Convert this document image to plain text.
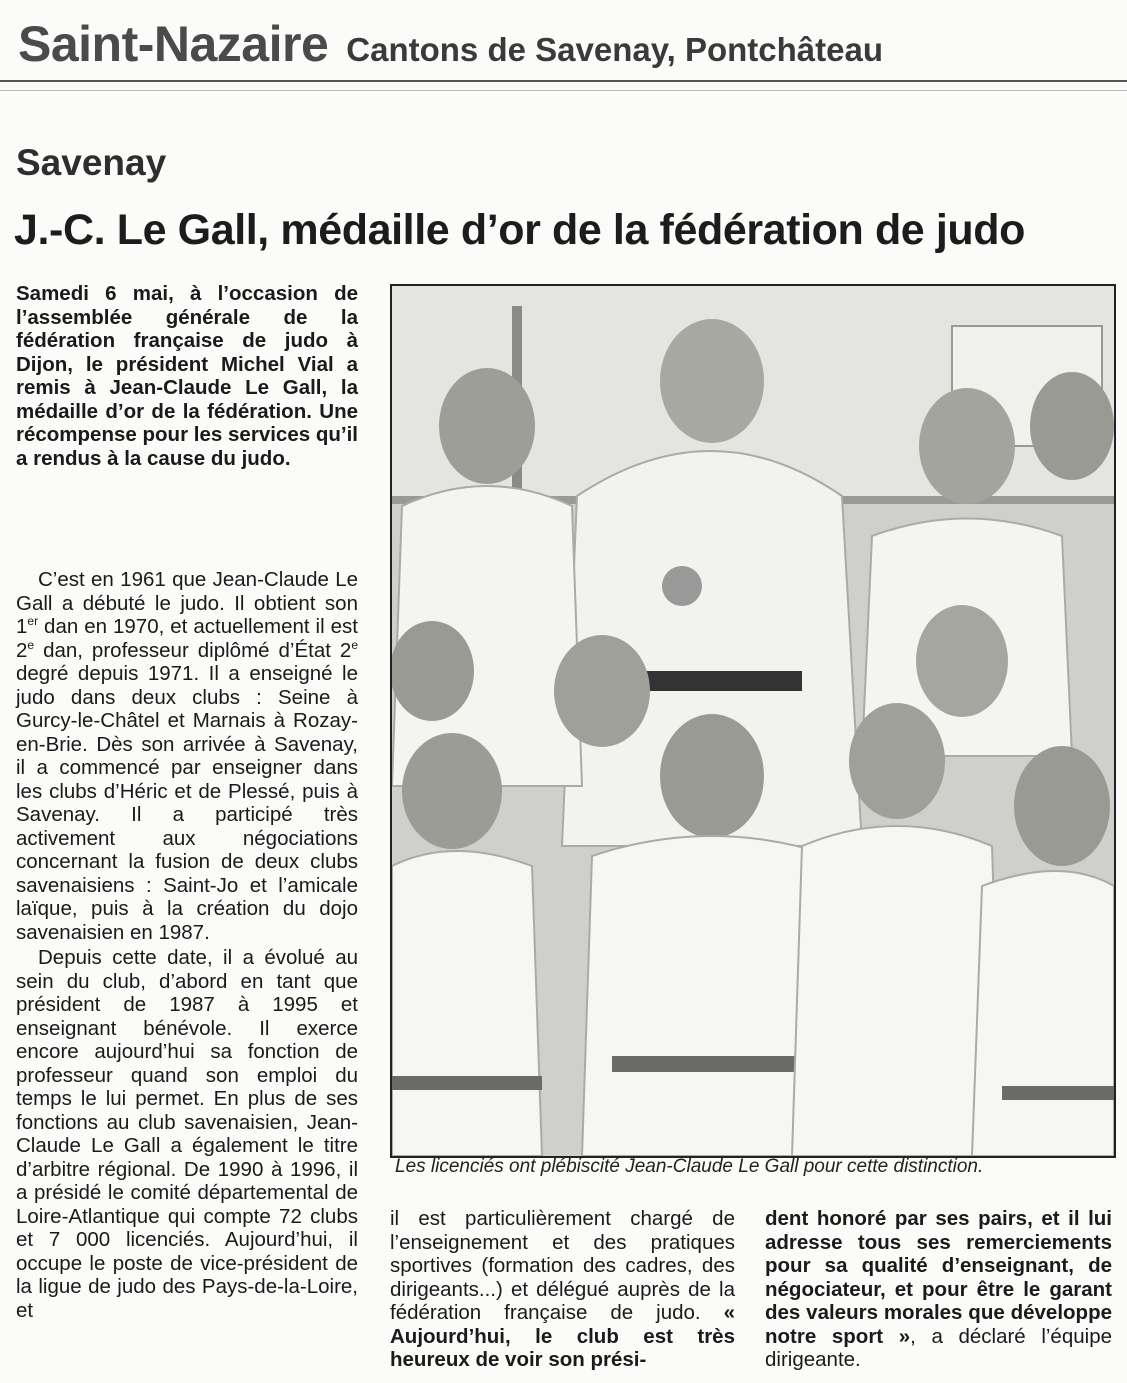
Saint-Nazaire Cantons de Savenay, Pontchâteau
Savenay
J.-C. Le Gall, médaille d’or de la fédération de judo
Samedi 6 mai, à l’occasion de l’assemblée générale de la fédération française de judo à Dijon, le président Michel Vial a remis à Jean-Claude Le Gall, la médaille d’or de la fédération. Une récompense pour les services qu’il a rendus à la cause du judo.

C’est en 1961 que Jean-Claude Le Gall a débuté le judo. Il obtient son 1er dan en 1970, et actuellement il est 2e dan, professeur diplômé d’État 2e degré depuis 1971. Il a enseigné le judo dans deux clubs : Seine à Gurcy-le-Châtel et Marnais à Rozay-en-Brie. Dès son arrivée à Savenay, il a commencé par enseigner dans les clubs d’Héric et de Plessé, puis à Savenay. Il a participé très activement aux négociations concernant la fusion de deux clubs savenaisiens : Saint-Jo et l’amicale laïque, puis à la création du dojo savenaisien en 1987.

Depuis cette date, il a évolué au sein du club, d’abord en tant que président de 1987 à 1995 et enseignant bénévole. Il exerce encore aujourd’hui sa fonction de professeur quand son emploi du temps le lui permet. En plus de ses fonctions au club savenaisien, Jean-Claude Le Gall a également le titre d’arbitre régional. De 1990 à 1996, il a présidé le comité départemental de Loire-Atlantique qui compte 72 clubs et 7 000 licenciés. Aujourd’hui, il occupe le poste de vice-président de la ligue de judo des Pays-de-la-Loire, et

Les licenciés ont plébiscité Jean-Claude Le Gall pour cette distinction.
il est particulièrement chargé de l’enseignement et des pratiques sportives (formation des cadres, des dirigeants...) et délégué auprès de la fédération française de judo. « Aujourd’hui, le club est très heureux de voir son prési-
dent honoré par ses pairs, et il lui adresse tous ses remerciements pour sa qualité d’enseignant, de négociateur, et pour être le garant des valeurs morales que développe notre sport », a déclaré l’équipe dirigeante.
